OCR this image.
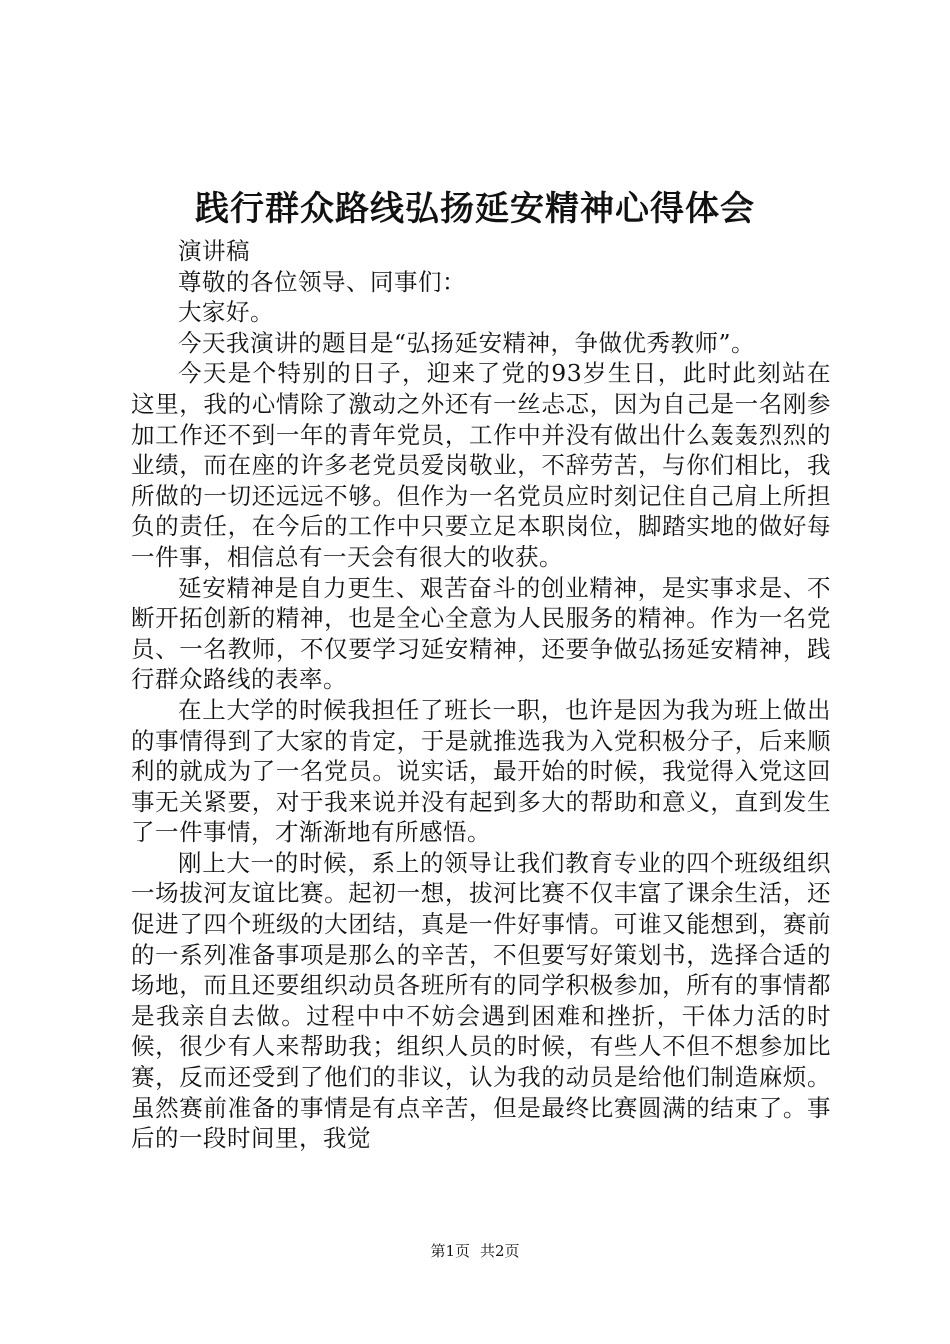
践行群众路线弘扬延安精神心得体会

演讲稿

尊敬的各位领导、同事们：

大家好。

今天我演讲的题目是“弘扬延安精神，争做优秀教师”。

今天是个特别的日子，迎来了党的93岁生日，此时此刻站在这里，我的心情除了激动之外还有一丝忐忑，因为自己是一名刚参加工作还不到一年的青年党员，工作中并没有做出什么轰轰烈烈的业绩，而在座的许多老党员爱岗敬业，不辞劳苦，与你们相比，我所做的一切还远远不够。但作为一名党员应时刻记住自己肩上所担负的责任，在今后的工作中只要立足本职岗位，脚踏实地的做好每一件事，相信总有一天会有很大的收获。

延安精神是自力更生、艰苦奋斗的创业精神，是实事求是、不断开拓创新的精神，也是全心全意为人民服务的精神。作为一名党员、一名教师，不仅要学习延安精神，还要争做弘扬延安精神，践行群众路线的表率。

在上大学的时候我担任了班长一职，也许是因为我为班上做出的事情得到了大家的肯定，于是就推选我为入党积极分子，后来顺利的就成为了一名党员。说实话，最开始的时候，我觉得入党这回事无关紧要，对于我来说并没有起到多大的帮助和意义，直到发生了一件事情，才渐渐地有所感悟。

刚上大一的时候，系上的领导让我们教育专业的四个班级组织一场拔河友谊比赛。起初一想，拔河比赛不仅丰富了课余生活，还促进了四个班级的大团结，真是一件好事情。可谁又能想到，赛前的一系列准备事项是那么的辛苦，不但要写好策划书，选择合适的场地，而且还要组织动员各班所有的同学积极参加，所有的事情都是我亲自去做。过程中中不妨会遇到困难和挫折，干体力活的时候，很少有人来帮助我；组织人员的时候，有些人不但不想参加比赛，反而还受到了他们的非议，认为我的动员是给他们制造麻烦。虽然赛前准备的事情是有点辛苦，但是最终比赛圆满的结束了。事后的一段时间里，我觉

第1页 共2页
